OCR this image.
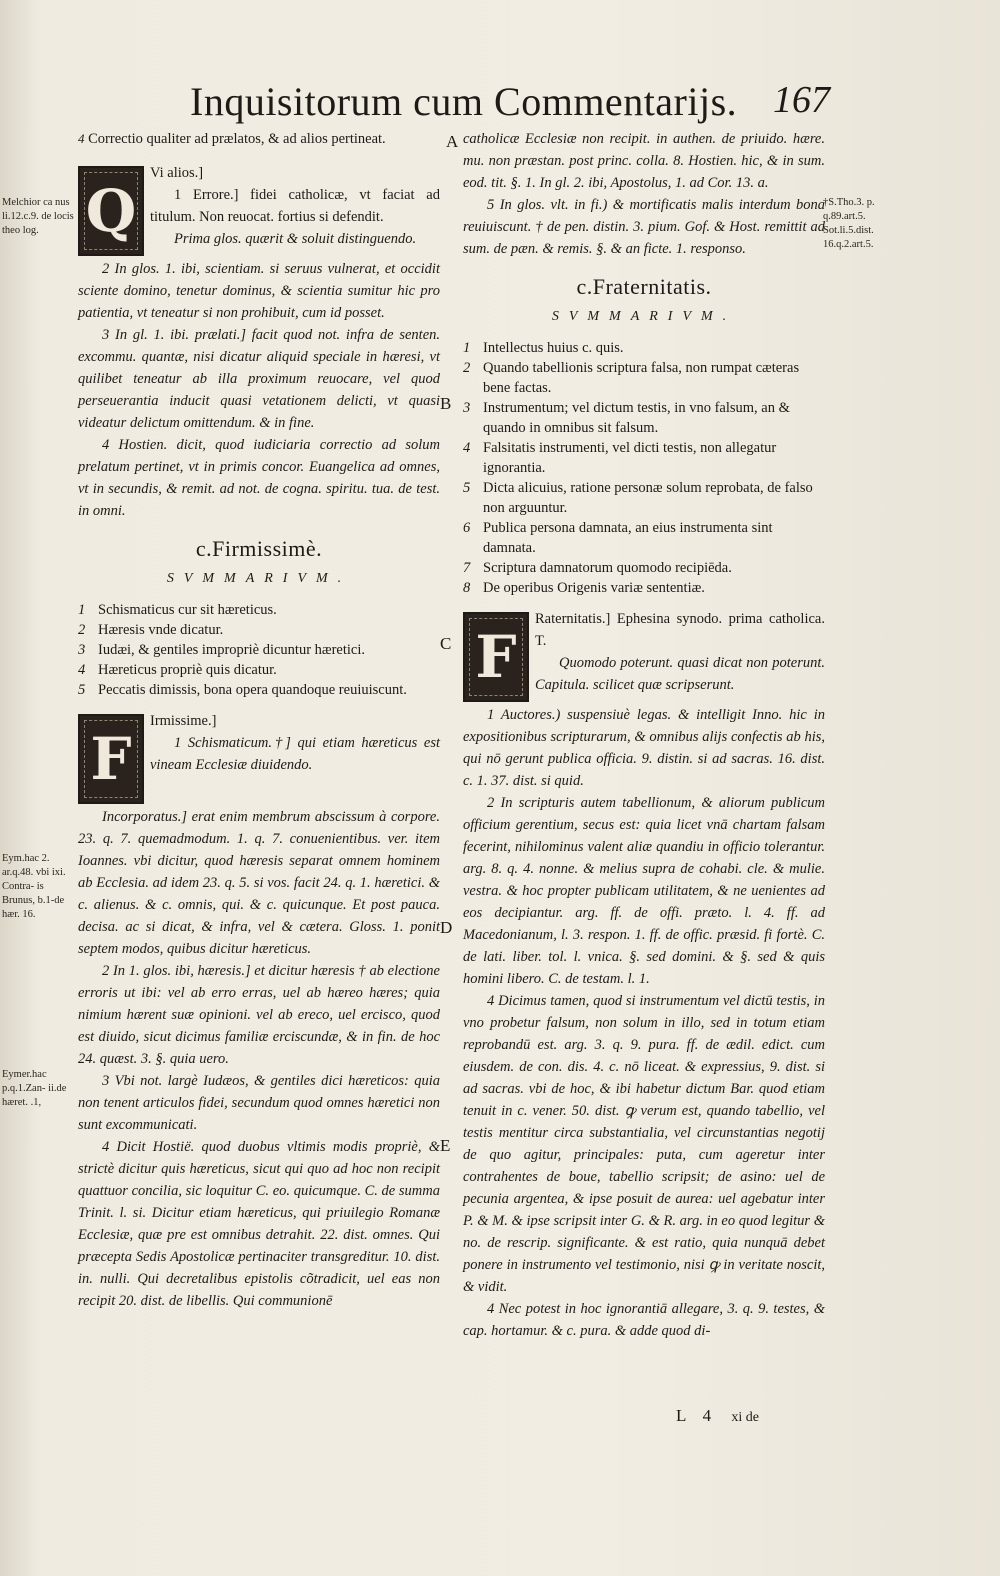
Inquisitorum cum Commentarijs. 167
Melchior ca nus li.12.c.9. de locis theo log.
Eym.hac 2. ar.q.48. vbi ixi. Contra- is Brunus, b.1-de hær. 16.
Eymer.hac p.q.1.Zan- ii.de hæret. .1,
†S.Tho.3. p. q.89.art.5. Sot.li.5.dist. 16.q.2.art.5.
A
B
C
D
E

4 Correctio qualiter ad prælatos, & ad alios pertineat.

Q

Vi alios.]

1 Errore.] fidei catholicæ, vt faciat ad titulum. Non reuocat. fortius si defendit.

Prima glos. quærit & soluit distinguendo.

2 In glos. 1. ibi, scientiam. si seruus vulnerat, et occidit sciente domino, tenetur dominus, & scientia sumitur hic pro patientia, vt teneatur si non prohibuit, cum id posset.

3 In gl. 1. ibi. prælati.] facit quod not. infra de senten. excommu. quantæ, nisi dicatur aliquid speciale in hæresi, vt quilibet teneatur ab illa proximum reuocare, vel quod perseuerantia inducit quasi vetationem delicti, vt quasi videatur delictum omittendum. & in fine.

4 Hostien. dicit, quod iudiciaria correctio ad solum prelatum pertinet, vt in primis concor. Euangelica ad omnes, vt in secundis, & remit. ad not. de cogna. spiritu. tua. de test. in omni.

c.Firmissimè.
SVMMARIVM.
1 Schismaticus cur sit hæreticus.
2 Hæresis vnde dicatur.
3 Iudæi, & gentiles impropriè dicuntur hæretici.
4 Hæreticus propriè quis dicatur.
5 Peccatis dimissis, bona opera quandoque reuiuiscunt.
F

Irmissime.]

1 Schismaticum.†] qui etiam hæreticus est vineam Ecclesiæ diuidendo.

Incorporatus.] erat enim membrum abscissum à corpore. 23. q. 7. quemadmodum. 1. q. 7. conuenientibus. ver. item Ioannes. vbi dicitur, quod hæresis separat omnem hominem ab Ecclesia. ad idem 23. q. 5. si vos. facit 24. q. 1. hæretici. & c. alienus. & c. omnis, qui. & c. quicunque. Et post pauca. decisa. ac si dicat, & infra, vel & cætera. Gloss. 1. ponit septem modos, quibus dicitur hæreticus.

2 In 1. glos. ibi, hæresis.] et dicitur hæresis † ab electione erroris ut ibi: vel ab erro erras, uel ab hæreo hæres; quia nimium hærent suæ opinioni. vel ab ereco, uel ercisco, quod est diuido, sicut dicimus familiæ erciscundæ, & in fin. de hoc 24. quæst. 3. §. quia uero.

3 Vbi not. largè Iudæos, & gentiles dici hæreticos: quia non tenent articulos fidei, secundum quod omnes hæretici non sunt excommunicati.

4 Dicit Hostië. quod duobus vltimis modis propriè, & strictè dicitur quis hæreticus, sicut qui quo ad hoc non recipit quattuor concilia, sic loquitur C. eo. quicumque. C. de summa Trinit. l. si. Dicitur etiam hæreticus, qui priuilegio Romanæ Ecclesiæ, quæ pre est omnibus detrahit. 22. dist. omnes. Qui præcepta Sedis Apostolicæ pertinaciter transgreditur. 10. dist. in. nulli. Qui decretalibus epistolis cõtradicit, uel eas non recipit 20. dist. de libellis. Qui communionē

catholicæ Ecclesiæ non recipit. in authen. de priuido. hære. mu. non præstan. post princ. colla. 8. Hostien. hic, & in sum. eod. tit. §. 1. In gl. 2. ibi, Apostolus, 1. ad Cor. 13. a.

5 In glos. vlt. in fi.) & mortificatis malis interdum bona reuiuiscunt. † de pen. distin. 3. pium. Gof. & Host. remittit ad sum. de pæn. & remis. §. & an ficte. 1. responso.

c.Fraternitatis.
SVMMARIVM.
1 Intellectus huius c. quis.
2 Quando tabellionis scriptura falsa, non rumpat cæteras bene factas.
3 Instrumentum; vel dictum testis, in vno falsum, an & quando in omnibus sit falsum.
4 Falsitatis instrumenti, vel dicti testis, non allegatur ignorantia.
5 Dicta alicuius, ratione personæ solum reprobata, de falso non arguuntur.
6 Publica persona damnata, an eius instrumenta sint damnata.
7 Scriptura damnatorum quomodo recipiēda.
8 De operibus Origenis variæ sententiæ.
F

Raternitatis.] Ephesina synodo. prima catholica. T.

Quomodo poterunt. quasi dicat non poterunt. Capitula. scilicet quæ scripserunt.

1 Auctores.) suspensiuè legas. & intelligit Inno. hic in expositionibus scripturarum, & omnibus alijs confectis ab his, qui nō gerunt publica officia. 9. distin. si ad sacras. 16. dist. c. 1. 37. dist. si quid.

2 In scripturis autem tabellionum, & aliorum publicum officium gerentium, secus est: quia licet vnā chartam falsam fecerint, nihilominus valent aliæ quandiu in officio tolerantur. arg. 8. q. 4. nonne. & melius supra de cohabi. cle. & mulie. vestra. & hoc propter publicam utilitatem, & ne uenientes ad eos decipiantur. arg. ff. de offi. præto. l. 4. ff. ad Macedonianum, l. 3. respon. 1. ff. de offic. præsid. fi fortè. C. de lati. liber. tol. l. vnica. §. sed domini. & §. sed & quis homini libero. C. de testam. l. 1.

4 Dicimus tamen, quod si instrumentum vel dictū testis, in vno probetur falsum, non solum in illo, sed in totum etiam reprobandū est. arg. 3. q. 9. pura. ff. de ædil. edict. cum eiusdem. de con. dis. 4. c. nō liceat. & expressius, 9. dist. si ad sacras. vbi de hoc, & ibi habetur dictum Bar. quod etiam tenuit in c. vener. 50. dist. ꝙ verum est, quando tabellio, vel testis mentitur circa substantialia, vel circunstantias negotij de quo agitur, principales: puta, cum ageretur inter contrahentes de boue, tabellio scripsit; de asino: uel de pecunia argentea, & ipse posuit de aurea: uel agebatur inter P. & M. & ipse scripsit inter G. & R. arg. in eo quod legitur & no. de rescrip. significante. & est ratio, quia nunquā debet ponere in instrumento vel testimonio, nisi ꝙ in veritate noscit, & vidit.

4 Nec potest in hoc ignorantiā allegare, 3. q. 9. testes, & cap. hortamur. & c. pura. & adde quod di-

L 4 xi de
